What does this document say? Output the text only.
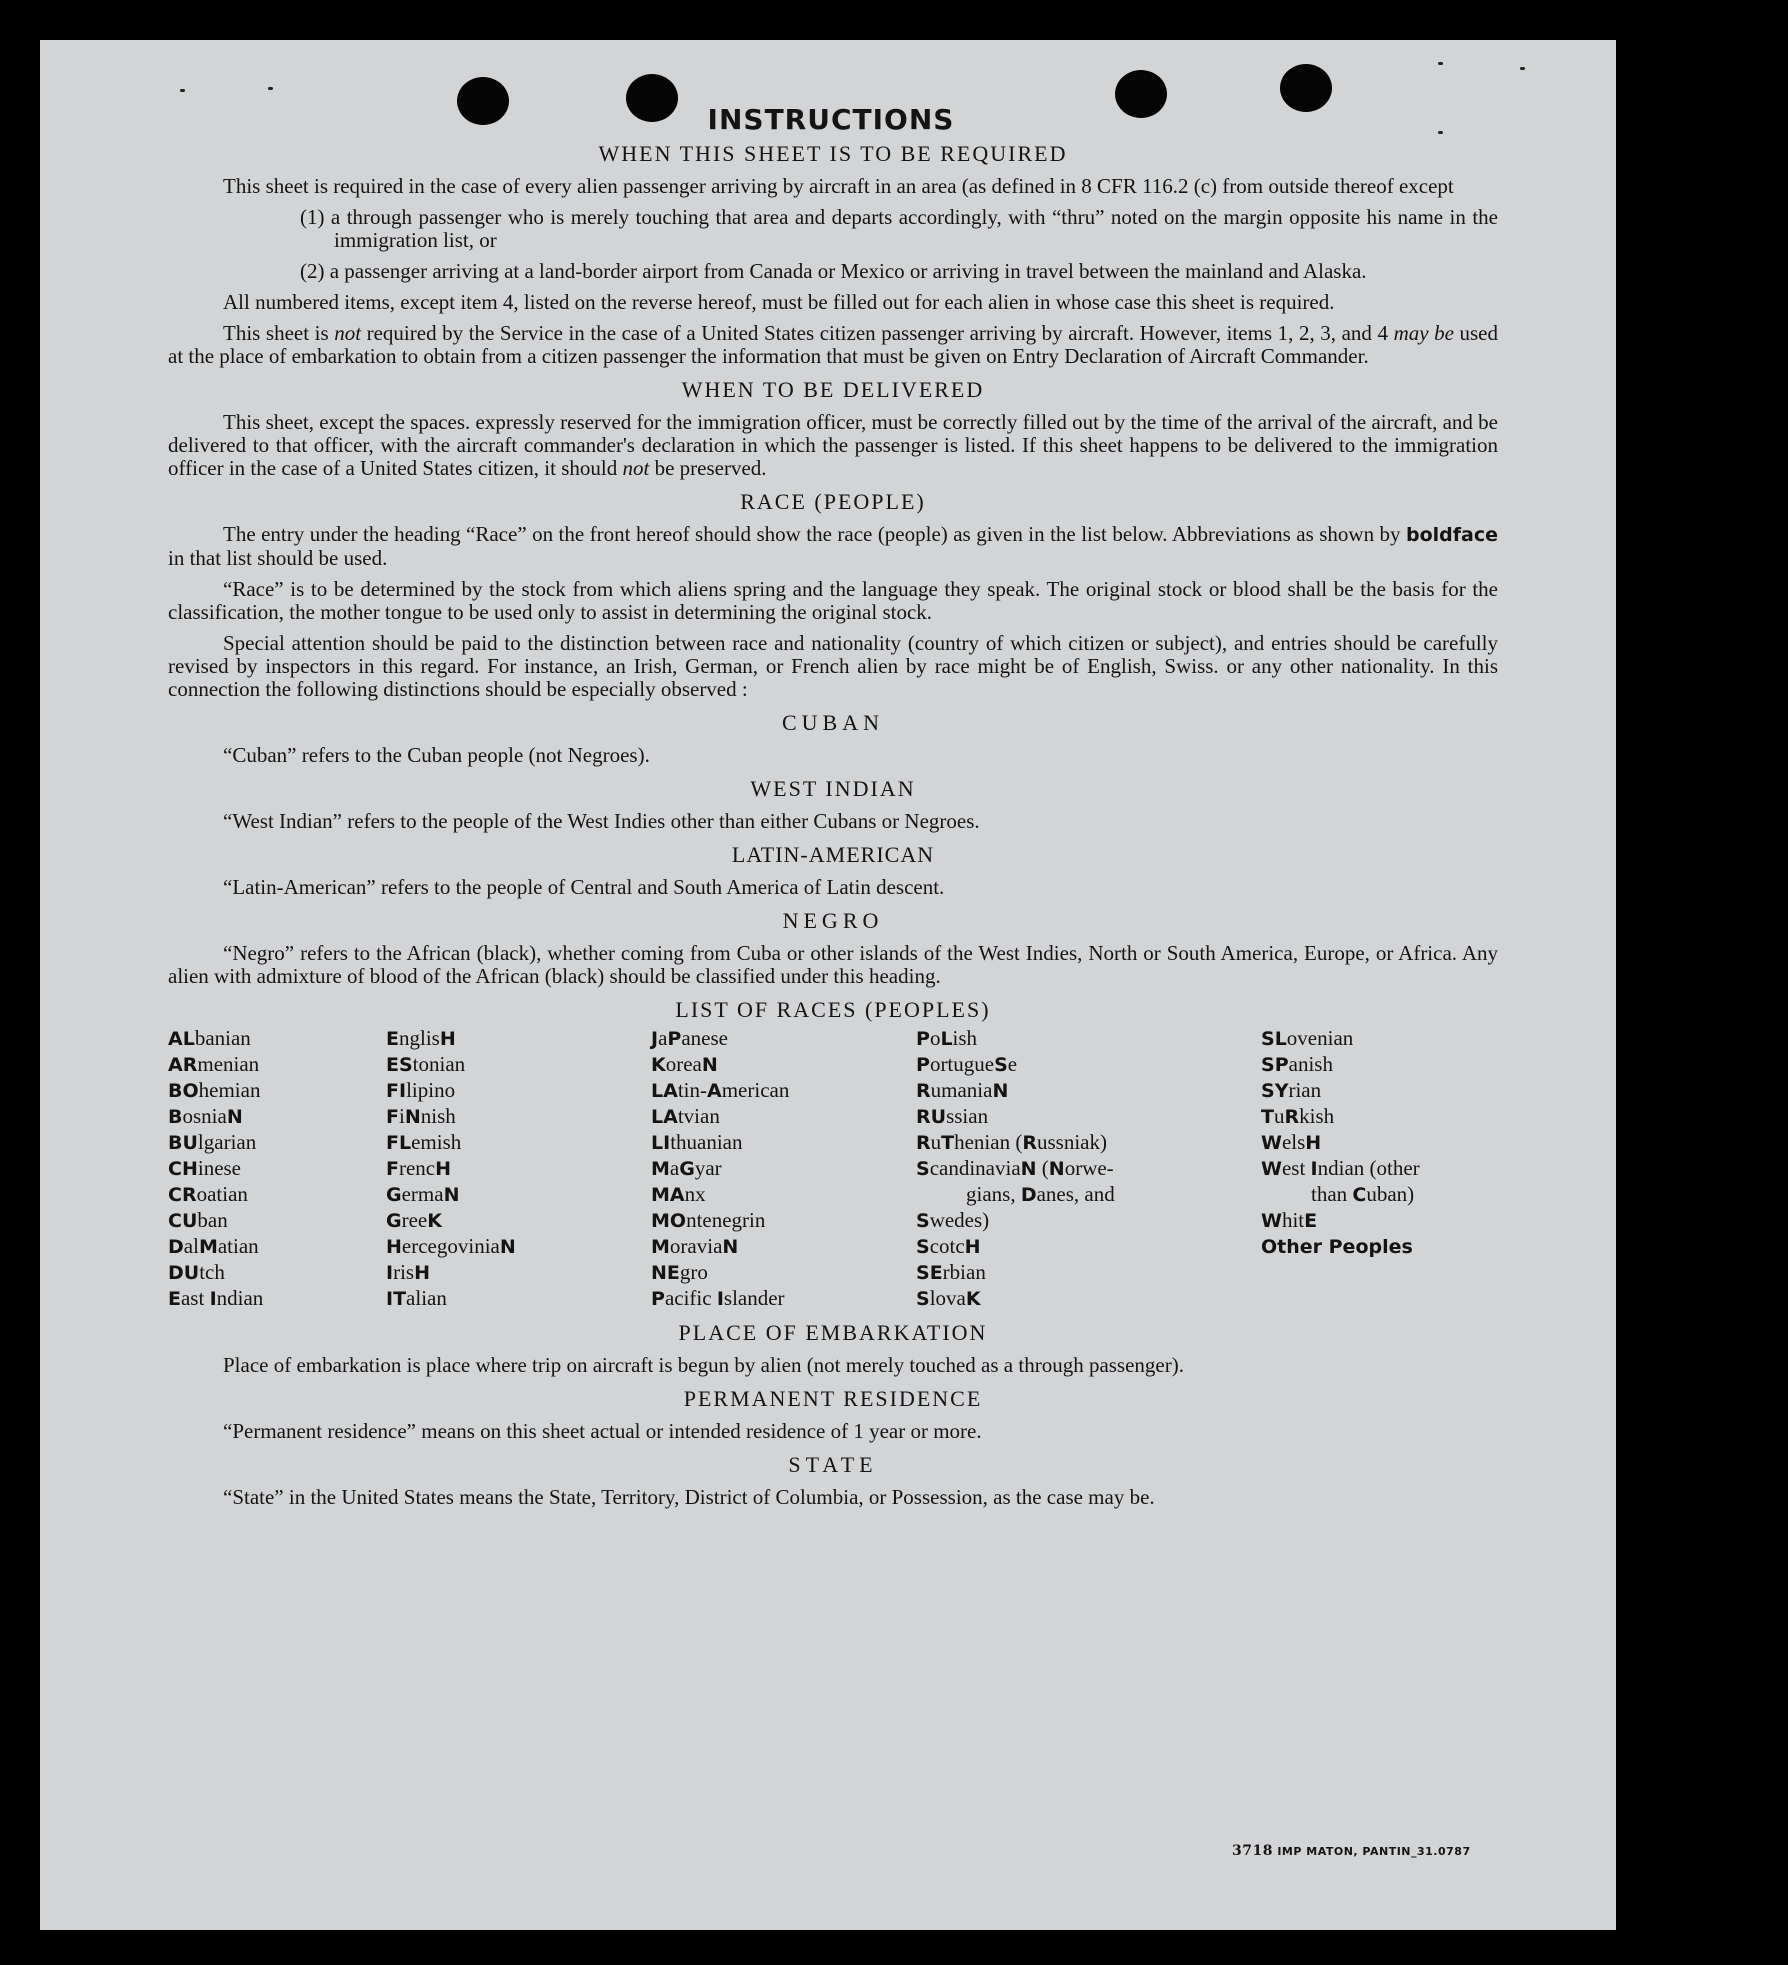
INSTRUCTIONS
WHEN THIS SHEET IS TO BE REQUIRED

This sheet is required in the case of every alien passenger arriving by aircraft in an area (as defined in 8 CFR 116.2 (c) from outside thereof except

(1) a through passenger who is merely touching that area and departs accordingly, with “thru” noted on the margin opposite his name in the immigration list, or

(2) a passenger arriving at a land-border airport from Canada or Mexico or arriving in travel between the mainland and Alaska.

All numbered items, except item 4, listed on the reverse hereof, must be filled out for each alien in whose case this sheet is required.

This sheet is not required by the Service in the case of a United States citizen passenger arriving by aircraft. However, items 1, 2, 3, and 4 may be used at the place of embarkation to obtain from a citizen passenger the information that must be given on Entry Declaration of Aircraft Commander.

WHEN TO BE DELIVERED

This sheet, except the spaces. expressly reserved for the immigration officer, must be correctly filled out by the time of the arrival of the aircraft, and be delivered to that officer, with the aircraft commander's declaration in which the passenger is listed. If this sheet happens to be delivered to the immigration officer in the case of a United States citizen, it should not be preserved.

RACE (PEOPLE)

The entry under the heading “Race” on the front hereof should show the race (people) as given in the list below. Abbreviations as shown by boldface in that list should be used.

“Race” is to be determined by the stock from which aliens spring and the language they speak. The original stock or blood shall be the basis for the classification, the mother tongue to be used only to assist in determining the original stock.

Special attention should be paid to the distinction between race and nationality (country of which citizen or subject), and entries should be carefully revised by inspectors in this regard. For instance, an Irish, German, or French alien by race might be of English, Swiss. or any other nationality. In this connection the following distinctions should be especially observed :

CUBAN

“Cuban” refers to the Cuban people (not Negroes).

WEST INDIAN

“West Indian” refers to the people of the West Indies other than either Cubans or Negroes.

LATIN-AMERICAN

“Latin-American” refers to the people of Central and South America of Latin descent.

NEGRO

“Negro” refers to the African (black), whether coming from Cuba or other islands of the West Indies, North or South America, Europe, or Africa. Any alien with admixture of blood of the African (black) should be classified under this heading.

LIST OF RACES (PEOPLES)
ALbanian
ARmenian
BOhemian
BosniaN
BUlgarian
CHinese
CRoatian
CUban
DalMatian
DUtch
East Indian
EnglisH
EStonian
FIlipino
FiNnish
FLemish
FrencH
GermaN
GreeK
HercegoviniaN
IrisH
ITalian
JaPanese
KoreaN
LAtin-American
LAtvian
LIthuanian
MaGyar
MAnx
MOntenegrin
MoraviaN
NEgro
Pacific Islander
PoLish
PortugueSe
RumaniaN
RUssian
RuThenian (Russniak)
ScandinaviaN (Norwe-
gians, Danes, and
Swedes)
ScotcH
SErbian
SlovaK
SLovenian
SPanish
SYrian
TuRkish
WelsH
West Indian (other
than Cuban)
WhitE
Other Peoples
PLACE OF EMBARKATION

Place of embarkation is place where trip on aircraft is begun by alien (not merely touched as a through passenger).

PERMANENT RESIDENCE

“Permanent residence” means on this sheet actual or intended residence of 1 year or more.

STATE

“State” in the United States means the State, Territory, District of Columbia, or Possession, as the case may be.

3718 IMP MATON, PANTIN_31.0787
